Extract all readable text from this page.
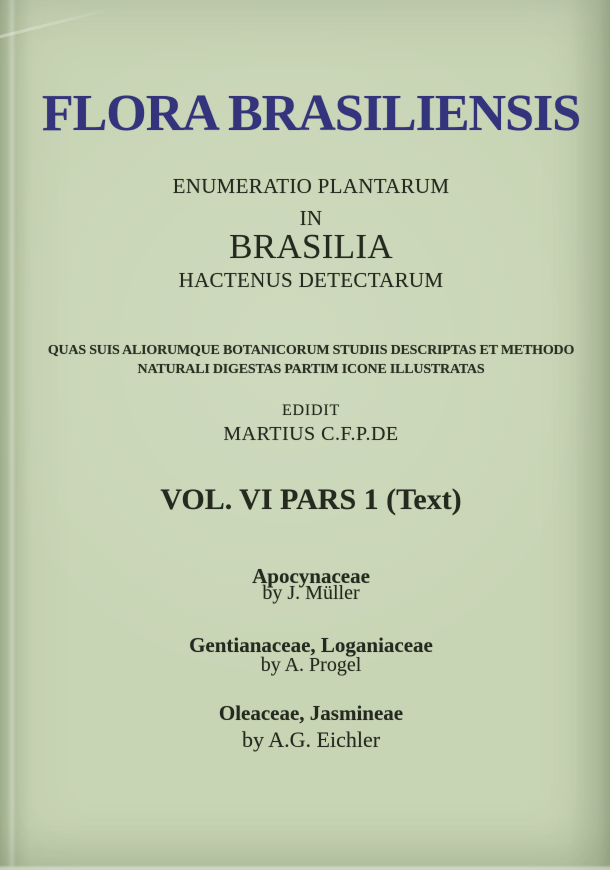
FLORA BRASILIENSIS
ENUMERATIO PLANTARUM
IN
BRASILIA
HACTENUS DETECTARUM
QUAS SUIS ALIORUMQUE BOTANICORUM STUDIIS DESCRIPTAS ET METHODO
NATURALI DIGESTAS PARTIM ICONE ILLUSTRATAS
EDIDIT
MARTIUS C.F.P.DE
VOL. VI PARS 1 (Text)
Apocynaceae
by J. Müller
Gentianaceae, Loganiaceae
by A. Progel
Oleaceae, Jasmineae
by A.G. Eichler
